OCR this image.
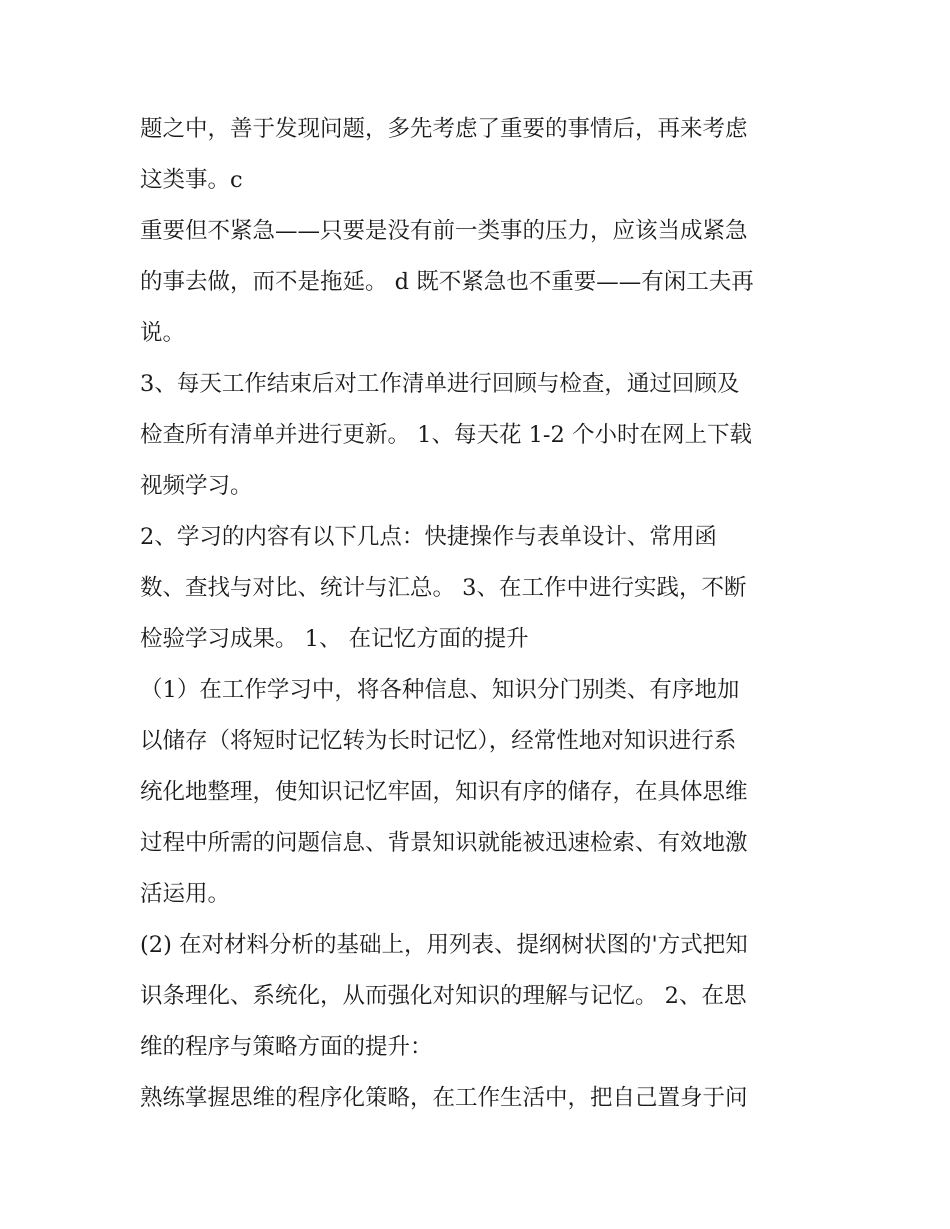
题之中，善于发现问题，多先考虑了重要的事情后，再来考虑
这类事。c
重要但不紧急——只要是没有前一类事的压力，应该当成紧急
的事去做，而不是拖延。 d 既不紧急也不重要——有闲工夫再
说。
3、每天工作结束后对工作清单进行回顾与检查，通过回顾及
检查所有清单并进行更新。 1、每天花 1-2 个小时在网上下载
视频学习。
2、学习的内容有以下几点：快捷操作与表单设计、常用函
数、查找与对比、统计与汇总。 3、在工作中进行实践，不断
检验学习成果。 1、 在记忆方面的提升
（1）在工作学习中，将各种信息、知识分门别类、有序地加
以储存（将短时记忆转为长时记忆），经常性地对知识进行系
统化地整理，使知识记忆牢固，知识有序的储存，在具体思维
过程中所需的问题信息、背景知识就能被迅速检索、有效地激
活运用。
(2) 在对材料分析的基础上，用列表、提纲树状图的'方式把知
识条理化、系统化，从而强化对知识的理解与记忆。 2、在思
维的程序与策略方面的提升：
熟练掌握思维的程序化策略，在工作生活中，把自己置身于问
